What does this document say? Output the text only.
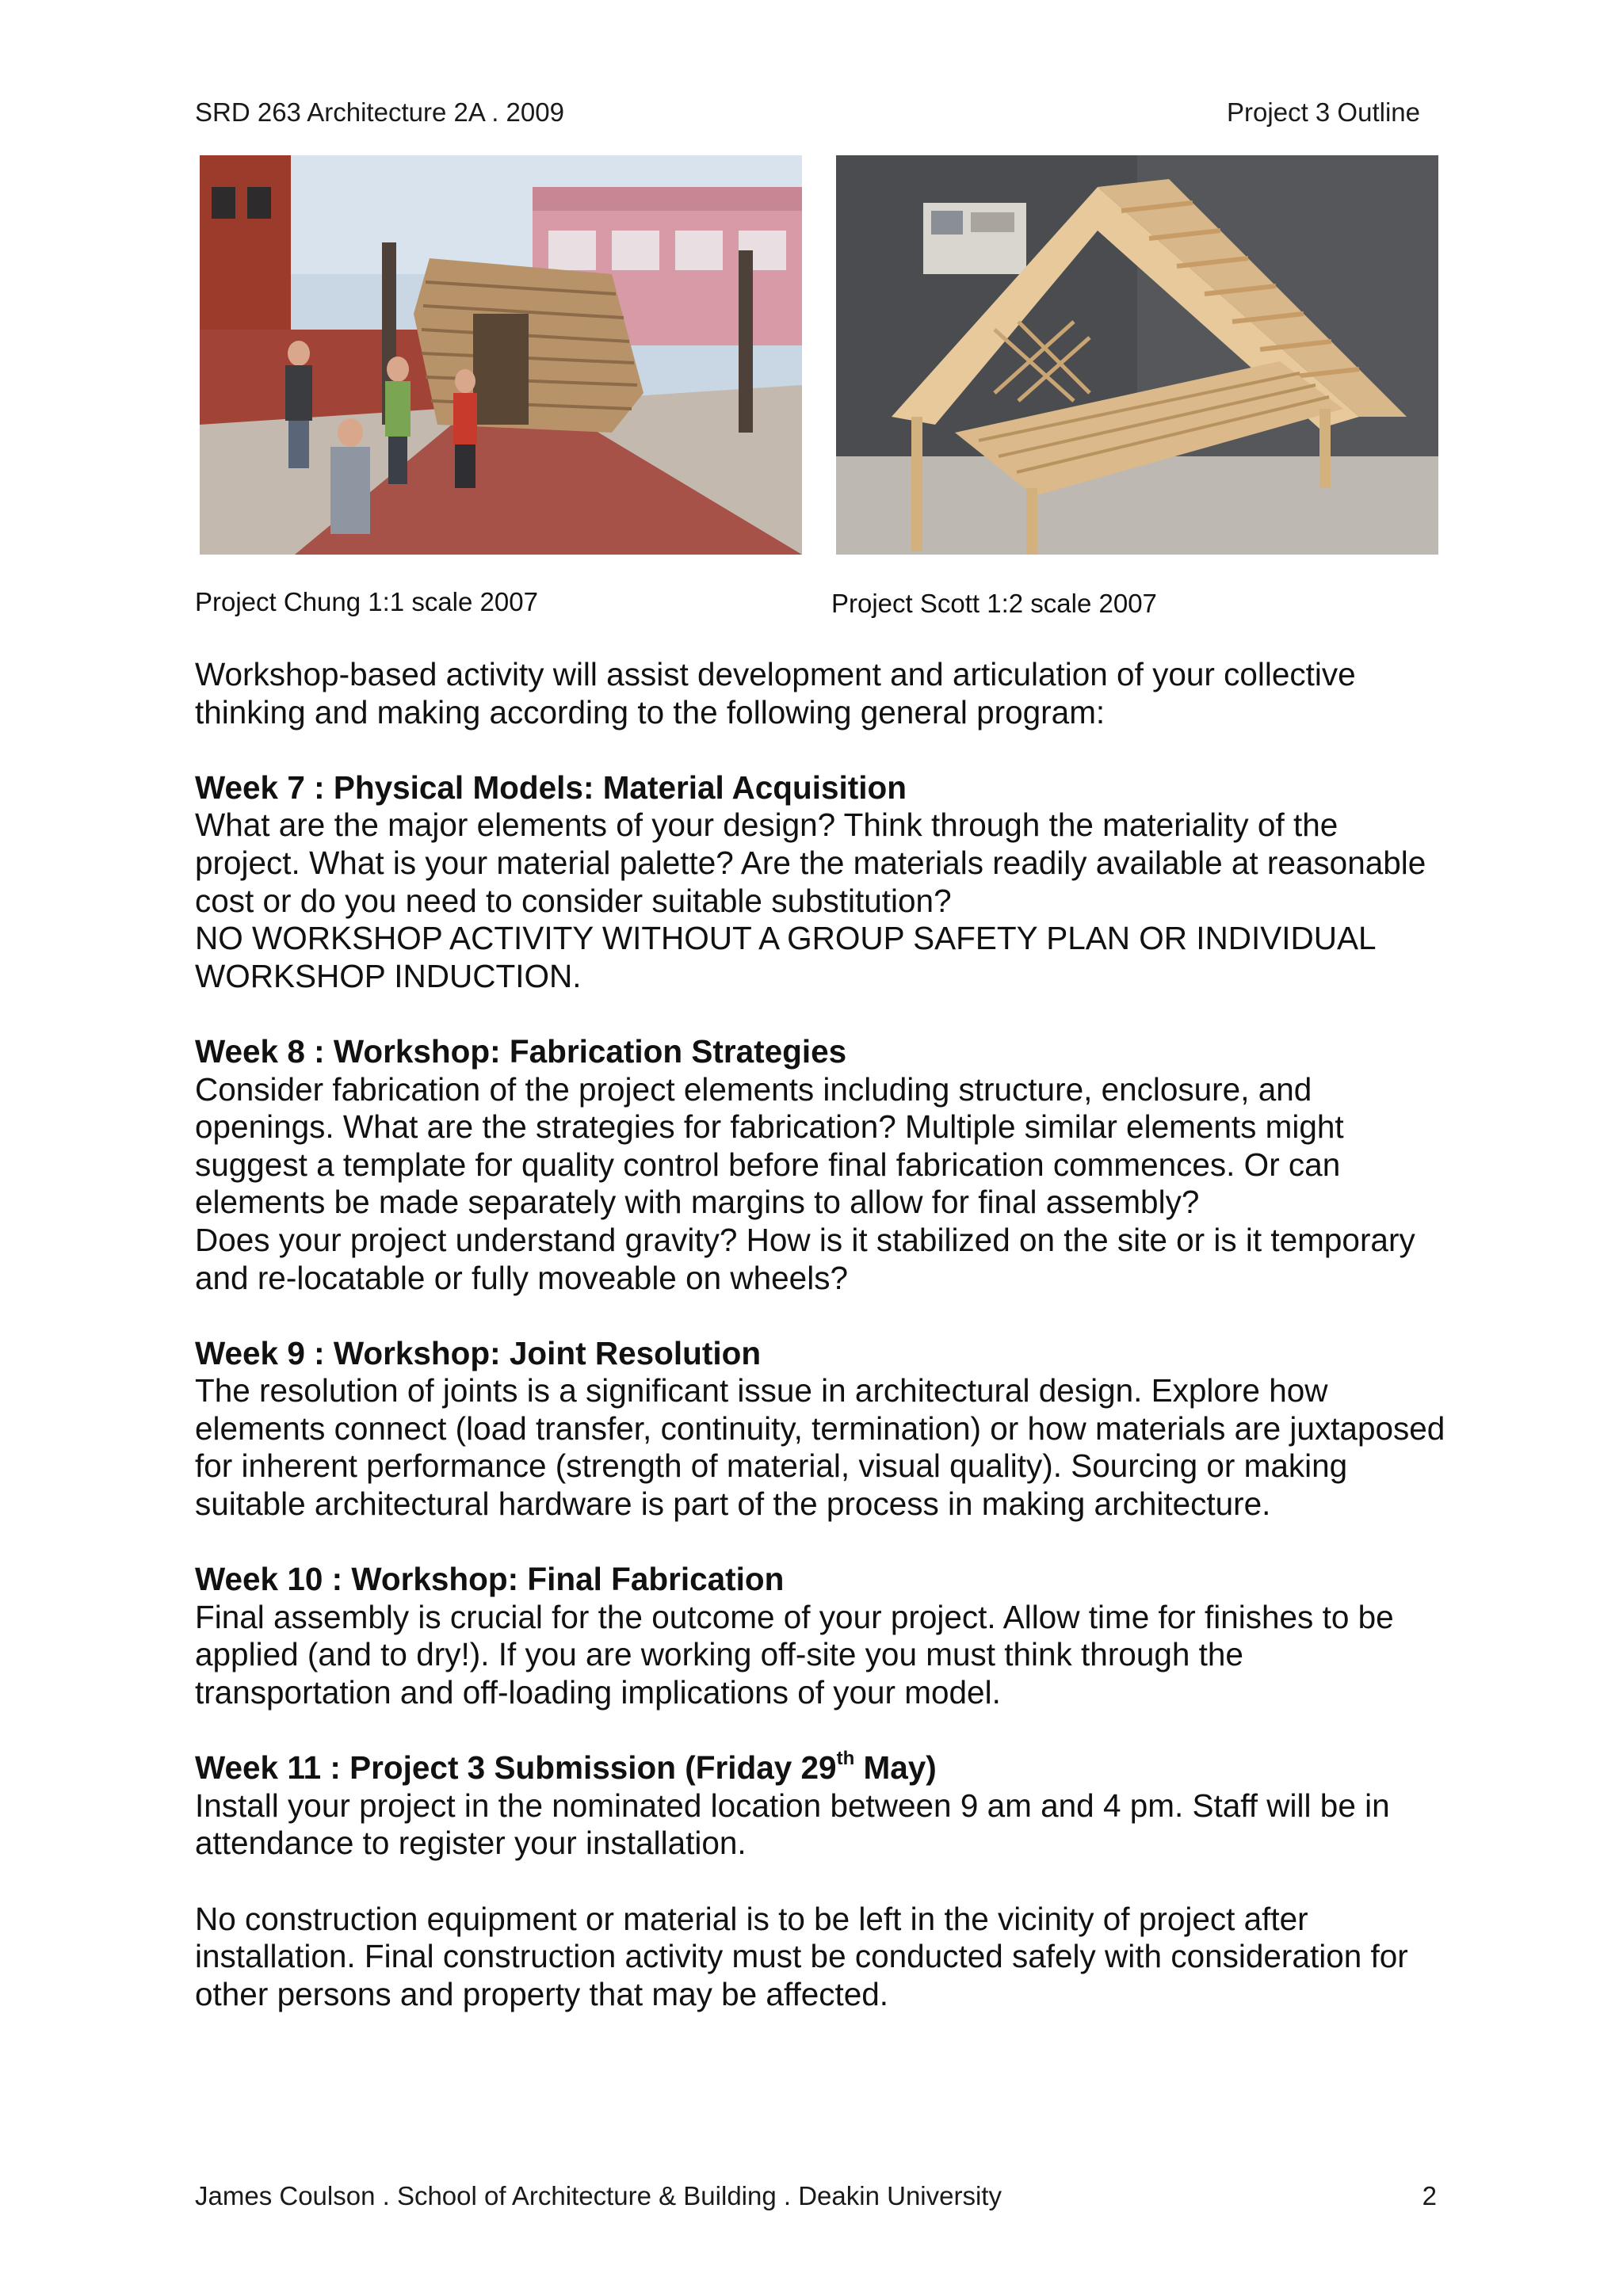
SRD 263 Architecture 2A . 2009	Project 3 Outline
Project Chung 1:1 scale 2007	Project Scott 1:2 scale 2007

Workshop-based activity will assist development and articulation of your collective thinking and making according to the following general program:

Week 7 : Physical Models: Material Acquisition

What are the major elements of your design? Think through the materiality of the project. What is your material palette? Are the materials readily available at reasonable cost or do you need to consider suitable substitution?

NO WORKSHOP ACTIVITY WITHOUT A GROUP SAFETY PLAN OR INDIVIDUAL WORKSHOP INDUCTION.

Week 8 : Workshop: Fabrication Strategies

Consider fabrication of the project elements including structure, enclosure, and openings. What are the strategies for fabrication? Multiple similar elements might suggest a template for quality control before final fabrication commences. Or can elements be made separately with margins to allow for final assembly?

Does your project understand gravity? How is it stabilized on the site or is it temporary and re-locatable or fully moveable on wheels?

Week 9 : Workshop: Joint Resolution

The resolution of joints is a significant issue in architectural design. Explore how elements connect (load transfer, continuity, termination) or how materials are juxtaposed for inherent performance (strength of material, visual quality). Sourcing or making suitable architectural hardware is part of the process in making architecture.

Week 10 : Workshop: Final Fabrication

Final assembly is crucial for the outcome of your project. Allow time for finishes to be applied (and to dry!). If you are working off-site you must think through the transportation and off-loading implications of your model.

Week 11 : Project 3 Submission (Friday 29th May)

Install your project in the nominated location between 9 am and 4 pm. Staff will be in attendance to register your installation.

No construction equipment or material is to be left in the vicinity of project after installation. Final construction activity must be conducted safely with consideration for other persons and property that may be affected.

James Coulson . School of Architecture & Building . Deakin University	2
